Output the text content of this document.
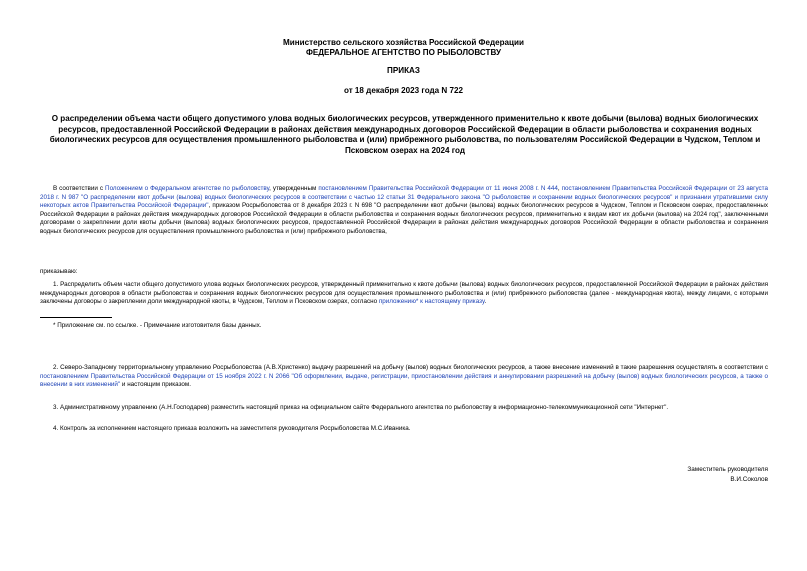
Министерство сельского хозяйства Российской Федерации
ФЕДЕРАЛЬНОЕ АГЕНТСТВО ПО РЫБОЛОВСТВУ
ПРИКАЗ
от 18 декабря 2023 года N 722
О распределении объема части общего допустимого улова водных биологических ресурсов, утвержденного применительно к квоте добычи (вылова) водных биологических ресурсов, предоставленной Российской Федерации в районах действия международных договоров Российской Федерации в области рыболовства и сохранения водных биологических ресурсов для осуществления промышленного рыболовства и (или) прибрежного рыболовства, по пользователям Российской Федерации в Чудском, Теплом и Псковском озерах на 2024 год
В соответствии с Положением о Федеральном агентстве по рыболовству, утвержденным постановлением Правительства Российской Федерации от 11 июня 2008 г. N 444, постановлением Правительства Российской Федерации от 23 августа 2018 г. N 987 "О распределении квот добычи (вылова) водных биологических ресурсов в соответствии с частью 12 статьи 31 Федерального закона "О рыболовстве и сохранении водных биологических ресурсов" и признании утратившими силу некоторых актов Правительства Российской Федерации", приказом Росрыболовства от 8 декабря 2023 г. N 698 "О распределении квот добычи (вылова) водных биологических ресурсов в Чудском, Теплом и Псковском озерах, предоставленных Российской Федерации в районах действия международных договоров Российской Федерации в области рыболовства и сохранения водных биологических ресурсов, применительно к видам квот их добычи (вылова) на 2024 год", заключенными договорами о закреплении доли квоты добычи (вылова) водных биологических ресурсов, предоставленной Российской Федерации в районах действия международных договоров Российской Федерации в области рыболовства и сохранения водных биологических ресурсов для осуществления промышленного рыболовства и (или) прибрежного рыболовства,
приказываю:
1. Распределить объем части общего допустимого улова водных биологических ресурсов, утвержденный применительно к квоте добычи (вылова) водных биологических ресурсов, предоставленной Российской Федерации в районах действия международных договоров в области рыболовства и сохранения водных биологических ресурсов для осуществления промышленного рыболовства и (или) прибрежного рыболовства (далее - международная квота), между лицами, с которыми заключены договоры о закреплении доли международной квоты, в Чудском, Теплом и Псковском озерах, согласно приложению* к настоящему приказу.
* Приложение см. по ссылке. - Примечание изготовителя базы данных.
2. Северо-Западному территориальному управлению Росрыболовства (А.В.Христенко) выдачу разрешений на добычу (вылов) водных биологических ресурсов, а также внесение изменений в такие разрешения осуществлять в соответствии с постановлением Правительства Российской Федерации от 15 ноября 2022 г. N 2066 "Об оформлении, выдаче, регистрации, приостановлении действия и аннулировании разрешений на добычу (вылов) водных биологических ресурсов, а также о внесении в них изменений" и настоящим приказом.
3. Административному управлению (А.Н.Господарев) разместить настоящий приказ на официальном сайте Федерального агентства по рыболовству в информационно-телекоммуникационной сети "Интернет".
4. Контроль за исполнением настоящего приказа возложить на заместителя руководителя Росрыболовства М.С.Иваника.
Заместитель руководителя
В.И.Соколов
